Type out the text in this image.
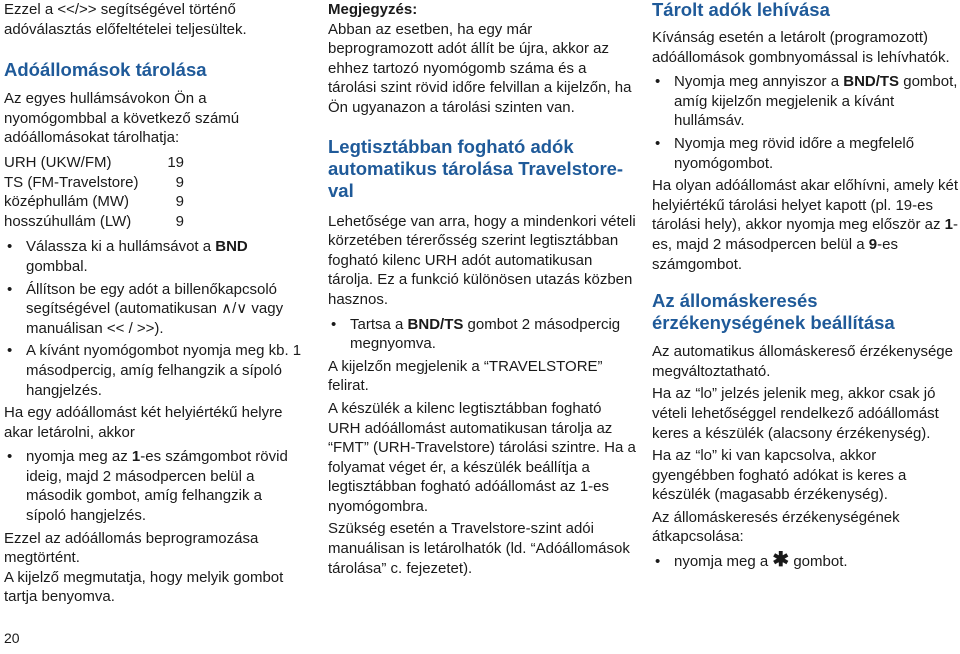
Ezzel a <</>> segítségével történő adóválasztás előfeltételei teljesültek.

Adóállomások tárolása

Az egyes hullámsávokon Ön a nyomógombbal a következő számú adóállomásokat tárolhatja:

URH (UKW/FM)	19
TS (FM-Travelstore)	9
középhullám (MW)	9
hosszúhullám (LW)	9
• Válassza ki a hullámsávot a BND gombbal.
• Állítson be egy adót a billenőkapcsoló segítségével (automatikusan ∧/∨ vagy manuálisan << / >>).
• A kívánt nyomógombot nyomja meg kb. 1 másodpercig, amíg felhangzik a sípoló hangjelzés.

Ha egy adóállomást két helyiértékű helyre akar letárolni, akkor

• nyomja meg az 1-es számgombot rövid ideig, majd 2 másodpercen belül a második gombot, amíg felhangzik a sípoló hangjelzés.

Ezzel az adóállomás beprogramozása megtörtént.

A kijelző megmutatja, hogy melyik gombot tartja benyomva.

20
Megjegyzés:

Abban az esetben, ha egy már beprogramozott adót állít be újra, akkor az ehhez tartozó nyomógomb száma és a tárolási szint rövid időre felvillan a kijelzőn, ha Ön ugyanazon a tárolási szinten van.

Legtisztábban fogható adók automatikus tárolása Travelstore-val

Lehetősége van arra, hogy a mindenkori vételi körzetében térerősség szerint legtisztábban fogható kilenc URH adót automatikusan tárolja. Ez a funkció különösen utazás közben hasznos.

• Tartsa a BND/TS gombot 2 másodpercig megnyomva.

A kijelzőn megjelenik a “TRAVELSTORE” felirat.

A készülék a kilenc legtisztábban fogható URH adóállomást automatikusan tárolja az “FMT” (URH-Travelstore) tárolási szintre. Ha a folyamat véget ér, a készülék beállítja a legtisztábban fogható adóállomást az 1-es nyomógombra.

Szükség esetén a Travelstore-szint adói manuálisan is letárolhatók (ld. “Adóállomások tárolása” c. fejezetet).

Tárolt adók lehívása

Kívánság esetén a letárolt (programozott) adóállomások gombnyomással is lehívhatók.

• Nyomja meg annyiszor a BND/TS gombot, amíg kijelzőn megjelenik a kívánt hullámsáv.
• Nyomja meg rövid időre a megfelelő nyomógombot.

Ha olyan adóállomást akar előhívni, amely két helyiértékű tárolási helyet kapott (pl. 19-es tárolási hely), akkor nyomja meg először az 1-es, majd 2 másodpercen belül a 9-es számgombot.

Az állomáskeresés érzékenységének beállítása

Az automatikus állomáskereső érzékenysége megváltoztatható.

Ha az “lo” jelzés jelenik meg, akkor csak jó vételi lehetőséggel rendelkező adóállomást keres a készülék (alacsony érzékenység).

Ha az “lo” ki van kapcsolva, akkor gyengébben fogható adókat is keres a készülék (magasabb érzékenység).

Az állomáskeresés érzékenységének átkapcsolása:

• nyomja meg a ✱ gombot.
